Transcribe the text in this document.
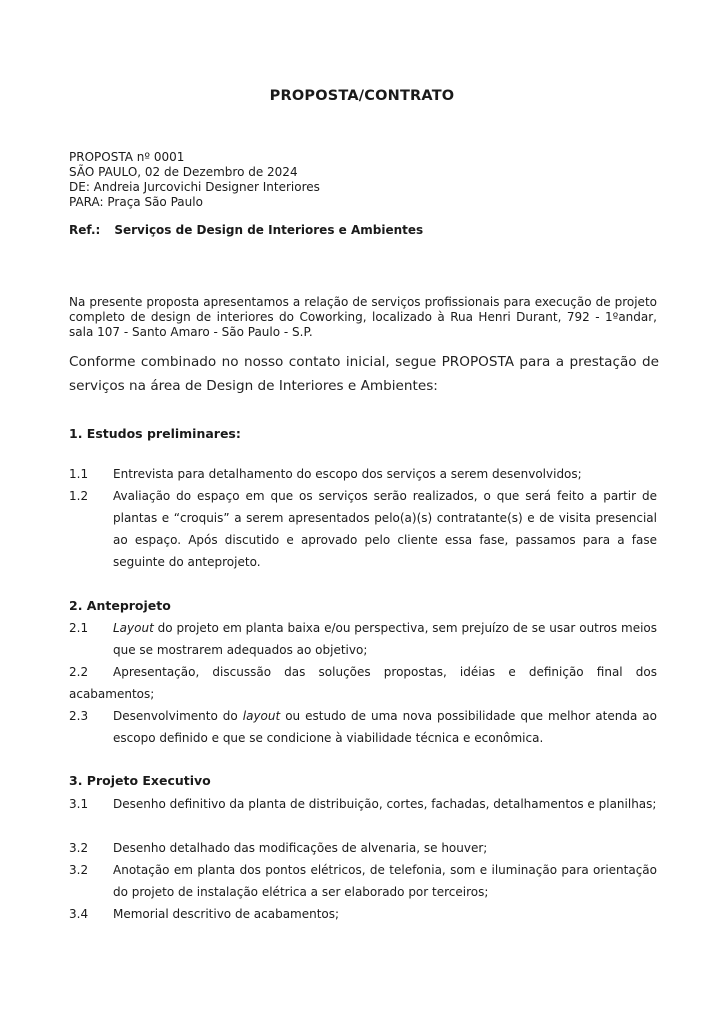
PROPOSTA/CONTRATO
PROPOSTA nº 0001
SÃO PAULO, 02 de Dezembro de 2024
DE: Andreia Jurcovichi Designer Interiores
PARA: Praça São Paulo
Ref.: Serviços de Design de Interiores e Ambientes
Na presente proposta apresentamos a relação de serviços profissionais para execução de projeto completo de design de interiores do Coworking, localizado à Rua Henri Durant, 792 - 1ºandar, sala 107 - Santo Amaro - São Paulo - S.P.
Conforme combinado no nosso contato inicial, segue PROPOSTA para a prestação de serviços na área de Design de Interiores e Ambientes:
1. Estudos preliminares:
1.1	Entrevista para detalhamento do escopo dos serviços a serem desenvolvidos;
1.2	Avaliação do espaço em que os serviços serão realizados, o que será feito a partir de plantas e “croquis” a serem apresentados pelo(a)(s) contratante(s) e de visita presencial ao espaço. Após discutido e aprovado pelo cliente essa fase, passamos para a fase seguinte do anteprojeto.
2. Anteprojeto
2.1	Layout do projeto em planta baixa e/ou perspectiva, sem prejuízo de se usar outros meios que se mostrarem adequados ao objetivo;
2.2	Apresentação, discussão das soluções propostas, idéias e definição final dos acabamentos;
2.3	Desenvolvimento do layout ou estudo de uma nova possibilidade que melhor atenda ao escopo definido e que se condicione à viabilidade técnica e econômica.
3. Projeto Executivo
3.1	Desenho definitivo da planta de distribuição, cortes, fachadas, detalhamentos e planilhas;
3.2	Desenho detalhado das modificações de alvenaria, se houver;
3.2	Anotação em planta dos pontos elétricos, de telefonia, som e iluminação para orientação do projeto de instalação elétrica a ser elaborado por terceiros;
3.4	Memorial descritivo de acabamentos;
